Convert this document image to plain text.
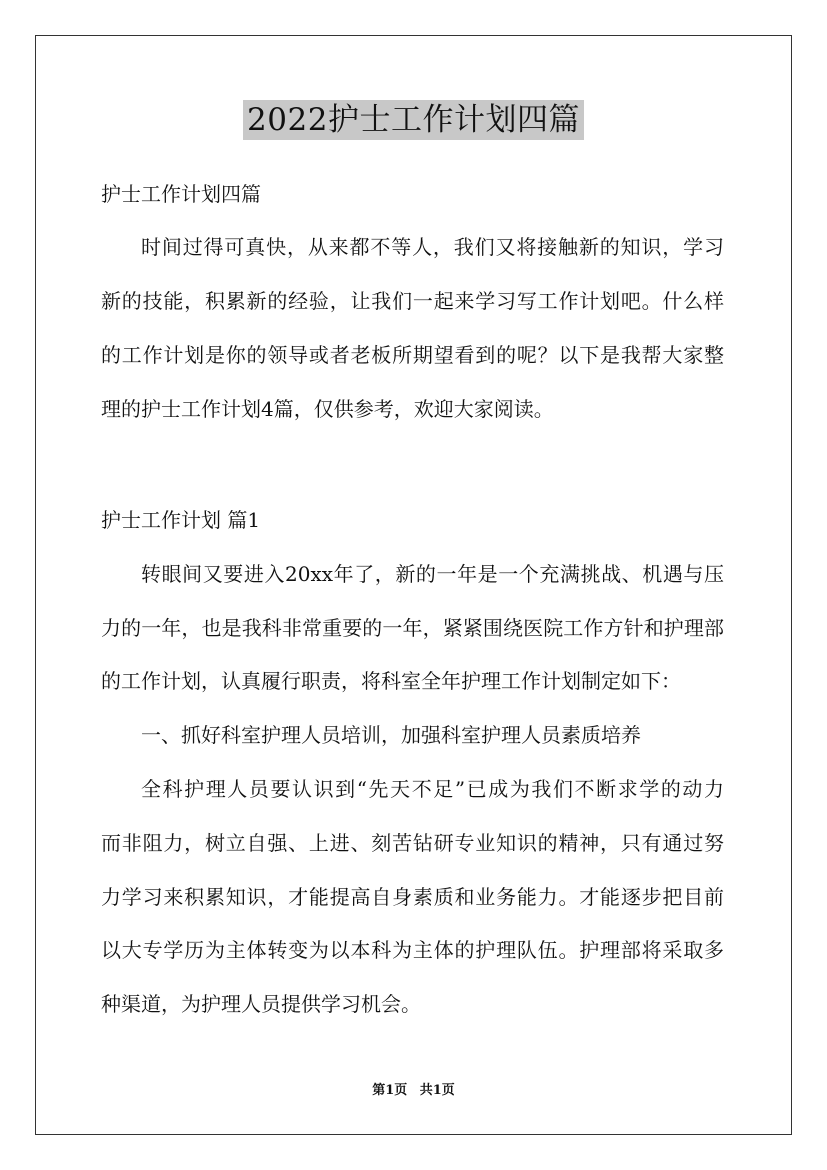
2022护士工作计划四篇
护士工作计划四篇
时间过得可真快，从来都不等人，我们又将接触新的知识，学习
新的技能，积累新的经验，让我们一起来学习写工作计划吧。什么样
的工作计划是你的领导或者老板所期望看到的呢？以下是我帮大家整
理的护士工作计划4篇，仅供参考，欢迎大家阅读。
护士工作计划 篇1
转眼间又要进入20xx年了，新的一年是一个充满挑战、机遇与压
力的一年，也是我科非常重要的一年，紧紧围绕医院工作方针和护理部
的工作计划，认真履行职责，将科室全年护理工作计划制定如下：
一、抓好科室护理人员培训，加强科室护理人员素质培养
全科护理人员要认识到“先天不足”已成为我们不断求学的动力
而非阻力，树立自强、上进、刻苦钻研专业知识的精神，只有通过努
力学习来积累知识，才能提高自身素质和业务能力。才能逐步把目前
以大专学历为主体转变为以本科为主体的护理队伍。护理部将采取多
种渠道，为护理人员提供学习机会。
第1页 共1页
